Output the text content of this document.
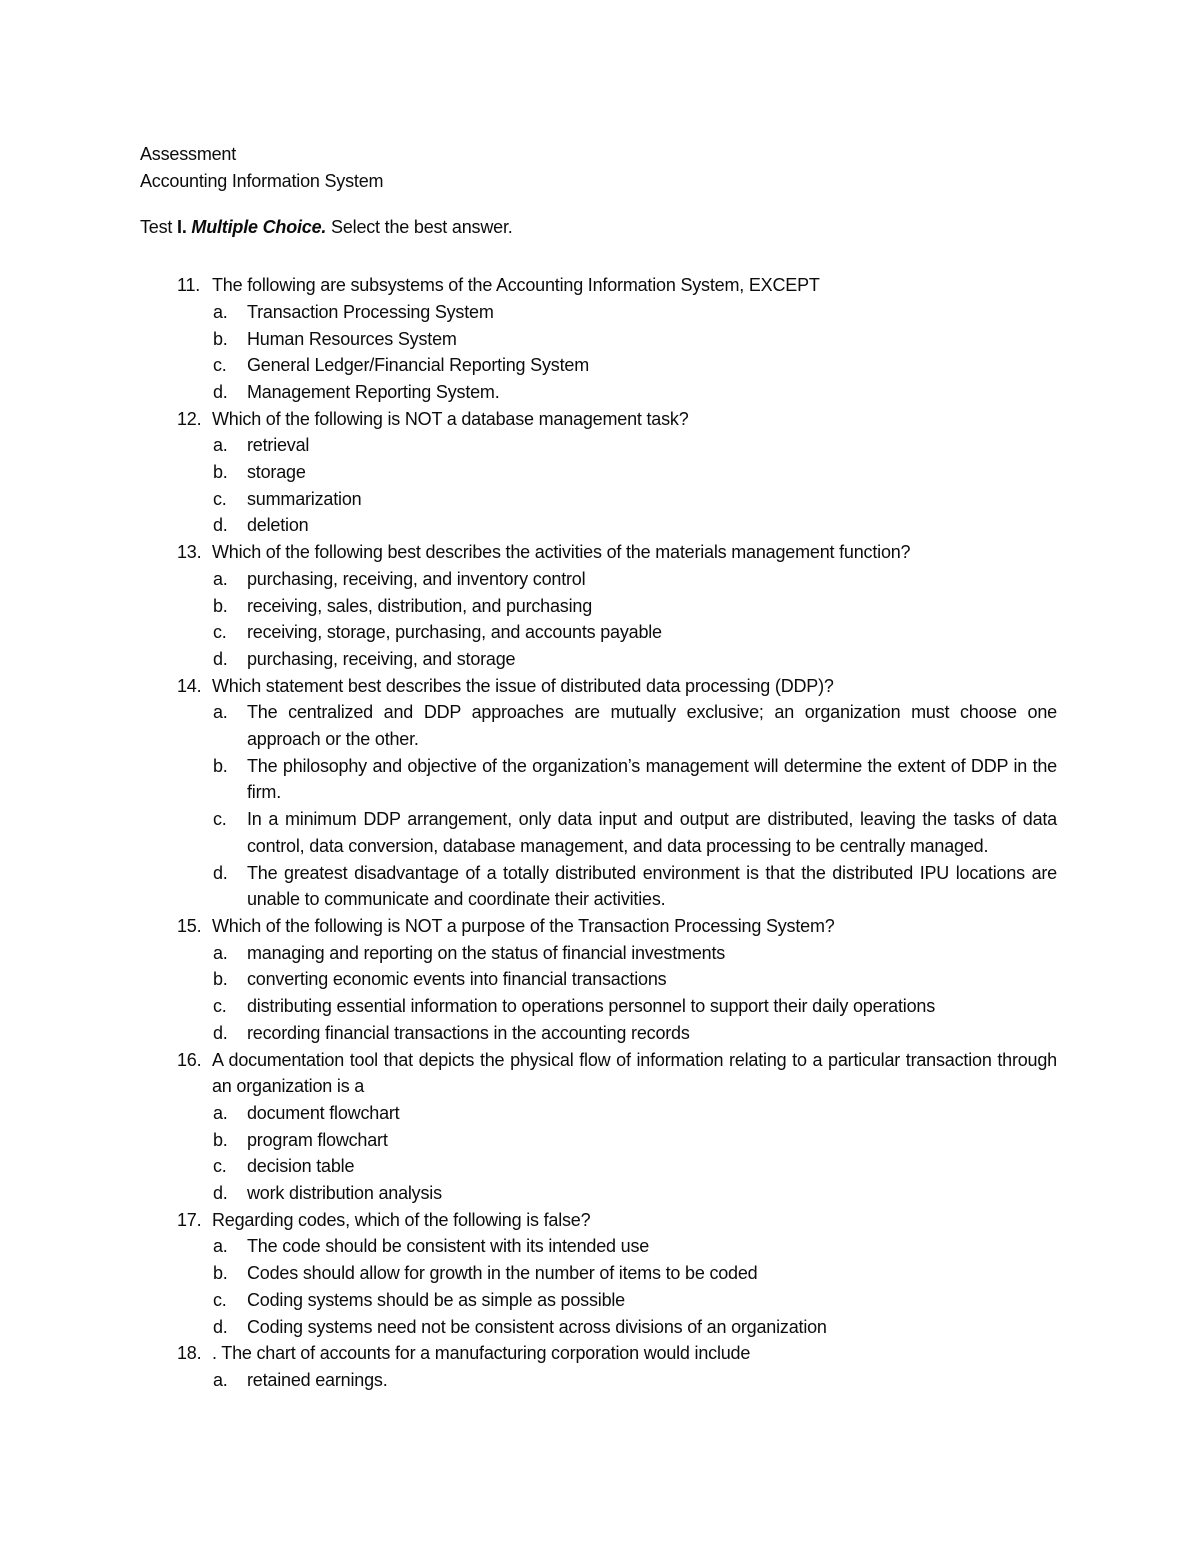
Assessment
Accounting Information System

Test I. Multiple Choice. Select the best answer.

11. The following are subsystems of the Accounting Information System, EXCEPT
a.	Transaction Processing System
b.	Human Resources System
c.	General Ledger/Financial Reporting System
d.	Management Reporting System.
12. Which of the following is NOT a database management task?
a.	retrieval
b.	storage
c.	summarization
d.	deletion
13. Which of the following best describes the activities of the materials management function?
a.	purchasing, receiving, and inventory control
b.	receiving, sales, distribution, and purchasing
c.	receiving, storage, purchasing, and accounts payable
d.	purchasing, receiving, and storage
14. Which statement best describes the issue of distributed data processing (DDP)?
a.	The centralized and DDP approaches are mutually exclusive; an organization must choose one approach or the other.
b.	The philosophy and objective of the organization’s management will determine the extent of DDP in the firm.
c.	In a minimum DDP arrangement, only data input and output are distributed, leaving the tasks of data control, data conversion, database management, and data processing to be centrally managed.
d.	The greatest disadvantage of a totally distributed environment is that the distributed IPU locations are unable to communicate and coordinate their activities.
15. Which of the following is NOT a purpose of the Transaction Processing System?
a.	managing and reporting on the status of financial investments
b.	converting economic events into financial transactions
c.	distributing essential information to operations personnel to support their daily operations
d.	recording financial transactions in the accounting records
16. A documentation tool that depicts the physical flow of information relating to a particular transaction through an organization is a
a.	document flowchart
b.	program flowchart
c.	decision table
d.	work distribution analysis
17. Regarding codes, which of the following is false?
a.	The code should be consistent with its intended use
b.	Codes should allow for growth in the number of items to be coded
c.	Coding systems should be as simple as possible
d.	Coding systems need not be consistent across divisions of an organization
18. . The chart of accounts for a manufacturing corporation would include
a.	retained earnings.
